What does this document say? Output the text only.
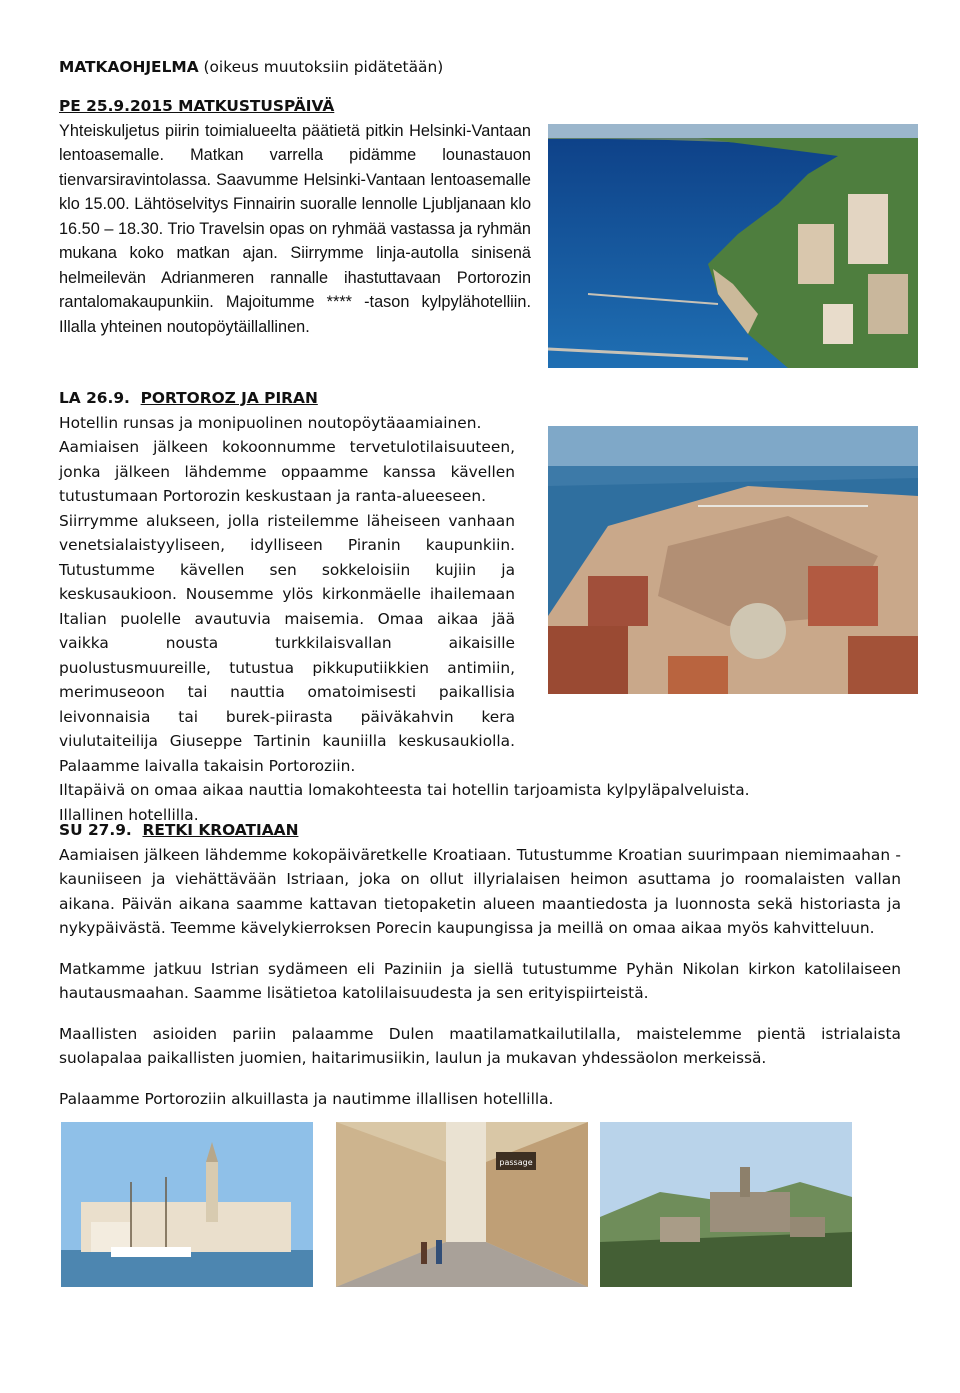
MATKAOHJELMA (oikeus muutoksiin pidätetään)

PE 25.9.2015 MATKUSTUSPÄIVÄ

Yhteiskuljetus piirin toimialueelta päätietä pitkin Helsinki-Vantaan lentoasemalle. Matkan varrella pidämme lounastauon tienvarsiravintolassa. Saavumme Helsinki-Vantaan lentoasemalle klo 15.00. Lähtöselvitys Finnairin suoralle lennolle Ljubljanaan klo 16.50 – 18.30. Trio Travelsin opas on ryhmää vastassa ja ryhmän mukana koko matkan ajan. Siirrymme linja-autolla sinisenä helmeilevän Adrianmeren rannalle ihastuttavaan Portorozin rantalomakaupunkiin. Majoitumme **** -tason kylpylähotelliin. Illalla yhteinen noutopöytäillallinen.

LA 26.9. PORTOROZ JA PIRAN

Hotellin runsas ja monipuolinen noutopöytäaamiainen.

Aamiaisen jälkeen kokoonnumme tervetulotilaisuuteen, jonka jälkeen lähdemme oppaamme kanssa kävellen tutustumaan Portorozin keskustaan ja ranta-alueeseen.

Siirrymme alukseen, jolla risteilemme läheiseen vanhaan venetsialaistyyliseen, idylliseen Piranin kaupunkiin. Tutustumme kävellen sen sokkeloisiin kujiin ja keskusaukioon. Nousemme ylös kirkonmäelle ihailemaan Italian puolelle avautuvia maisemia. Omaa aikaa jää vaikka nousta turkkilaisvallan aikaisille puolustusmuureille, tutustua pikkuputiikkien antimiin, merimuseoon tai nauttia omatoimisesti paikallisia leivonnaisia tai burek-piirasta päiväkahvin kera viulutaiteilija Giuseppe Tartinin kauniilla keskusaukiolla. Palaamme laivalla takaisin Portoroziin.

Iltapäivä on omaa aikaa nauttia lomakohteesta tai hotellin tarjoamista kylpyläpalveluista.

Illallinen hotellilla.

SU 27.9. RETKI KROATIAAN

Aamiaisen jälkeen lähdemme kokopäiväretkelle Kroatiaan. Tutustumme Kroatian suurimpaan niemimaahan - kauniiseen ja viehättävään Istriaan, joka on ollut illyrialaisen heimon asuttama jo roomalaisten vallan aikana. Päivän aikana saamme kattavan tietopaketin alueen maantiedosta ja luonnosta sekä historiasta ja nykypäivästä. Teemme kävelykierroksen Porecin kaupungissa ja meillä on omaa aikaa myös kahvitteluun.

Matkamme jatkuu Istrian sydämeen eli Paziniin ja siellä tutustumme Pyhän Nikolan kirkon katolilaiseen hautausmaahan. Saamme lisätietoa katolilaisuudesta ja sen erityispiirteistä.

Maallisten asioiden pariin palaamme Dulen maatilamatkailutilalla, maistelemme pientä istrialaista suolapalaa paikallisten juomien, haitarimusiikin, laulun ja mukavan yhdessäolon merkeissä.

Palaamme Portoroziin alkuillasta ja nautimme illallisen hotellilla.

passage
